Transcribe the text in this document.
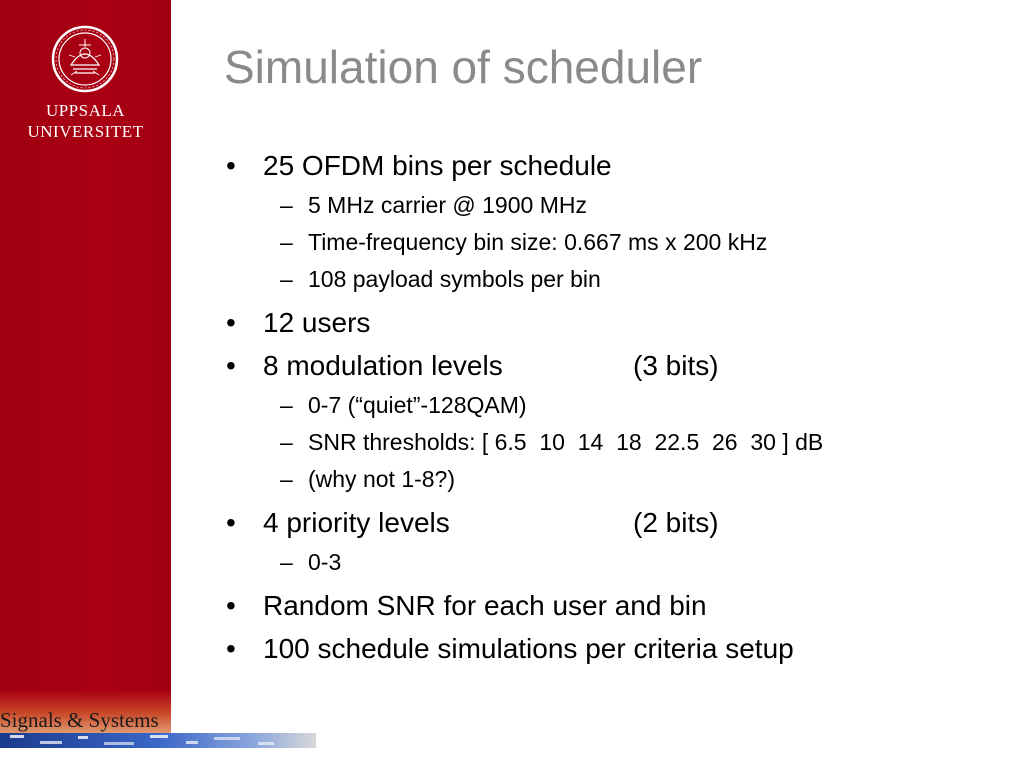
UPPSALA
UNIVERSITET
Signals & Systems
Simulation of scheduler
• 25 OFDM bins per schedule
– 5 MHz carrier @ 1900 MHz
– Time-frequency bin size: 0.667 ms x 200 kHz
– 108 payload symbols per bin
• 12 users
• 8 modulation levels	(3 bits)
– 0-7 (“quiet”-128QAM)
– SNR thresholds: [ 6.5  10  14  18  22.5  26  30 ] dB
– (why not 1-8?)
• 4 priority levels	(2 bits)
– 0-3
• Random SNR for each user and bin
• 100 schedule simulations per criteria setup
